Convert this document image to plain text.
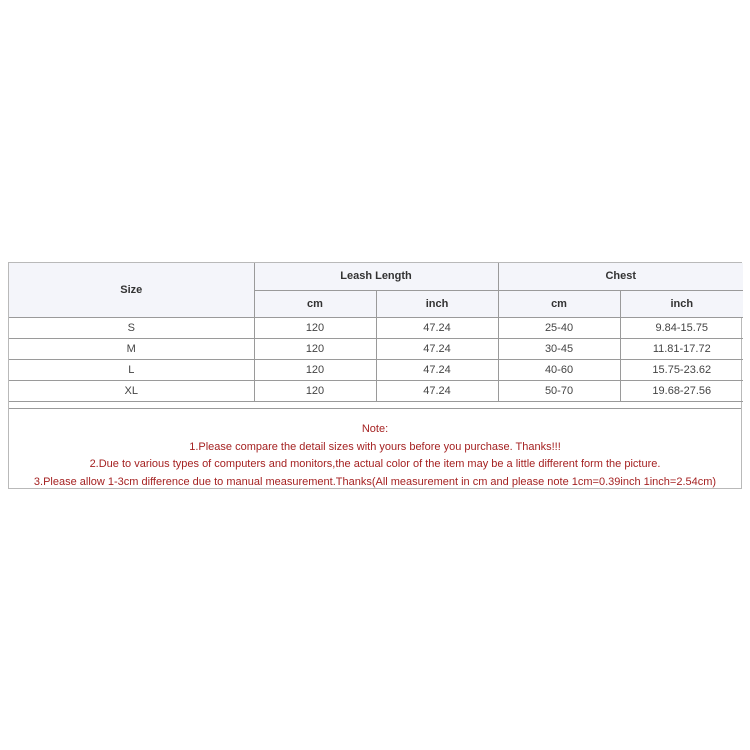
Size	Leash Length		Chest	
	cm	inch	cm	inch
S	120	47.24	25-40	9.84-15.75
M	120	47.24	30-45	11.81-17.72
L	120	47.24	40-60	15.75-23.62
XL	120	47.24	50-70	19.68-27.56
Note:
1.Please compare the detail sizes with yours before you purchase. Thanks!!!
2.Due to various types of computers and monitors,the actual color of the item may be a little different form the picture.
3.Please allow 1-3cm difference due to manual measurement.Thanks(All measurement in cm and please note 1cm=0.39inch 1inch=2.54cm)
